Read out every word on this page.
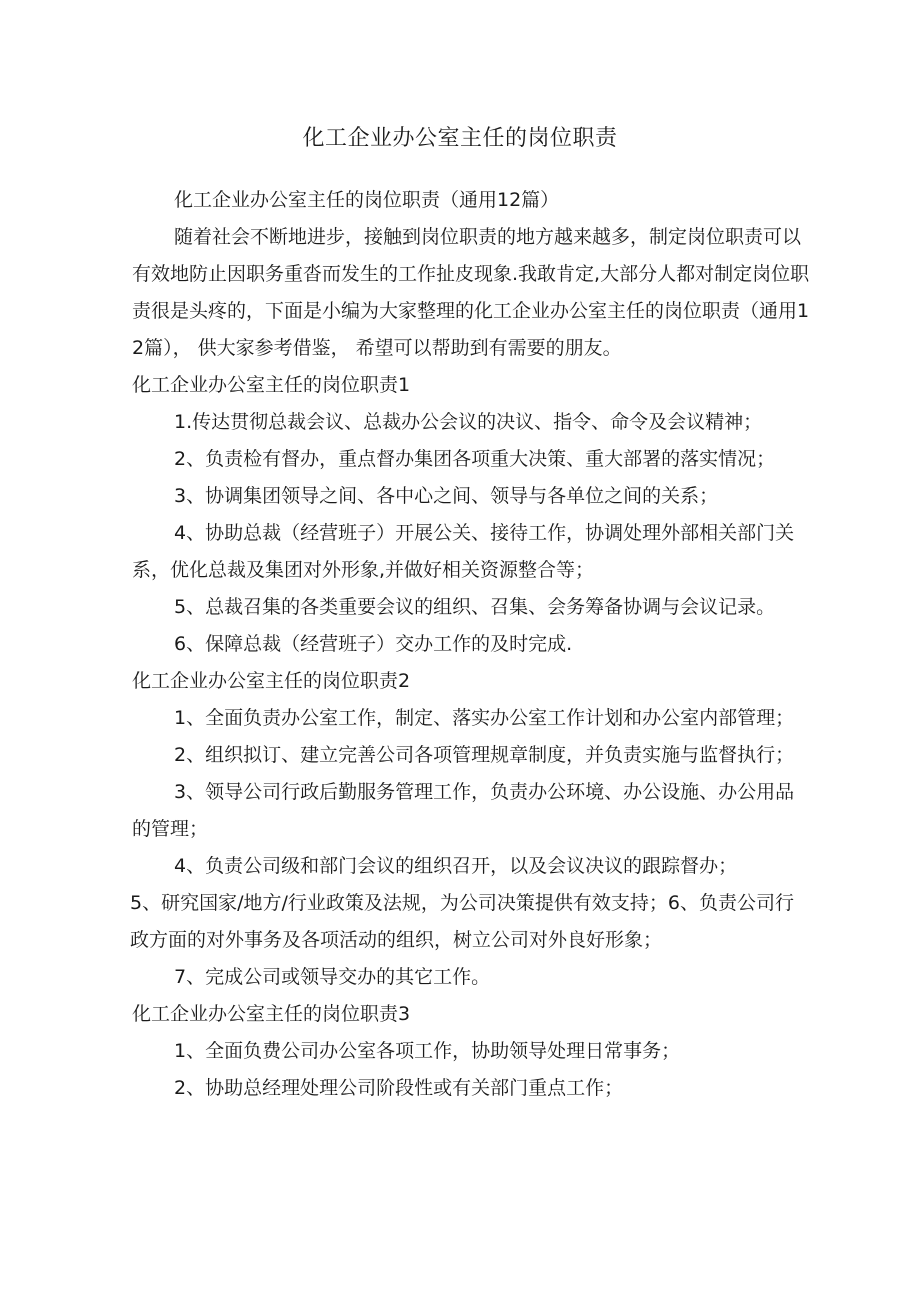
化工企业办公室主任的岗位职责

化工企业办公室主任的岗位职责（通用12篇）

随着社会不断地进步，接触到岗位职责的地方越来越多，制定岗位职责可以有效地防止因职务重沓而发生的工作扯皮现象.我敢肯定,大部分人都对制定岗位职责很是头疼的，下面是小编为大家整理的化工企业办公室主任的岗位职责（通用12篇）， 供大家参考借鉴， 希望可以帮助到有需要的朋友。

化工企业办公室主任的岗位职责1

1.传达贯彻总裁会议、总裁办公会议的决议、指令、命令及会议精神；

2、负责检有督办，重点督办集团各项重大决策、重大部署的落实情况；

3、协调集团领导之间、各中心之间、领导与各单位之间的关系；

4、协助总裁（经营班子）开展公关、接待工作，协调处理外部相关部门关系，优化总裁及集团对外形象,并做好相关资源整合等；

5、总裁召集的各类重要会议的组织、召集、会务筹备协调与会议记录。

6、保障总裁（经营班子）交办工作的及时完成.

化工企业办公室主任的岗位职责2

1、全面负责办公室工作，制定、落实办公室工作计划和办公室内部管理；

2、组织拟订、建立完善公司各项管理规章制度，并负责实施与监督执行；

3、领导公司行政后勤服务管理工作，负责办公环境、办公设施、办公用品的管理；

4、负责公司级和部门会议的组织召开，以及会议决议的跟踪督办；

5、研究国家/地方/行业政策及法规，为公司决策提供有效支持；6、负责公司行政方面的对外事务及各项活动的组织，树立公司对外良好形象；

7、完成公司或领导交办的其它工作。

化工企业办公室主任的岗位职责3

1、全面负费公司办公室各项工作，协助领导处理日常事务；

2、协助总经理处理公司阶段性或有关部门重点工作；
